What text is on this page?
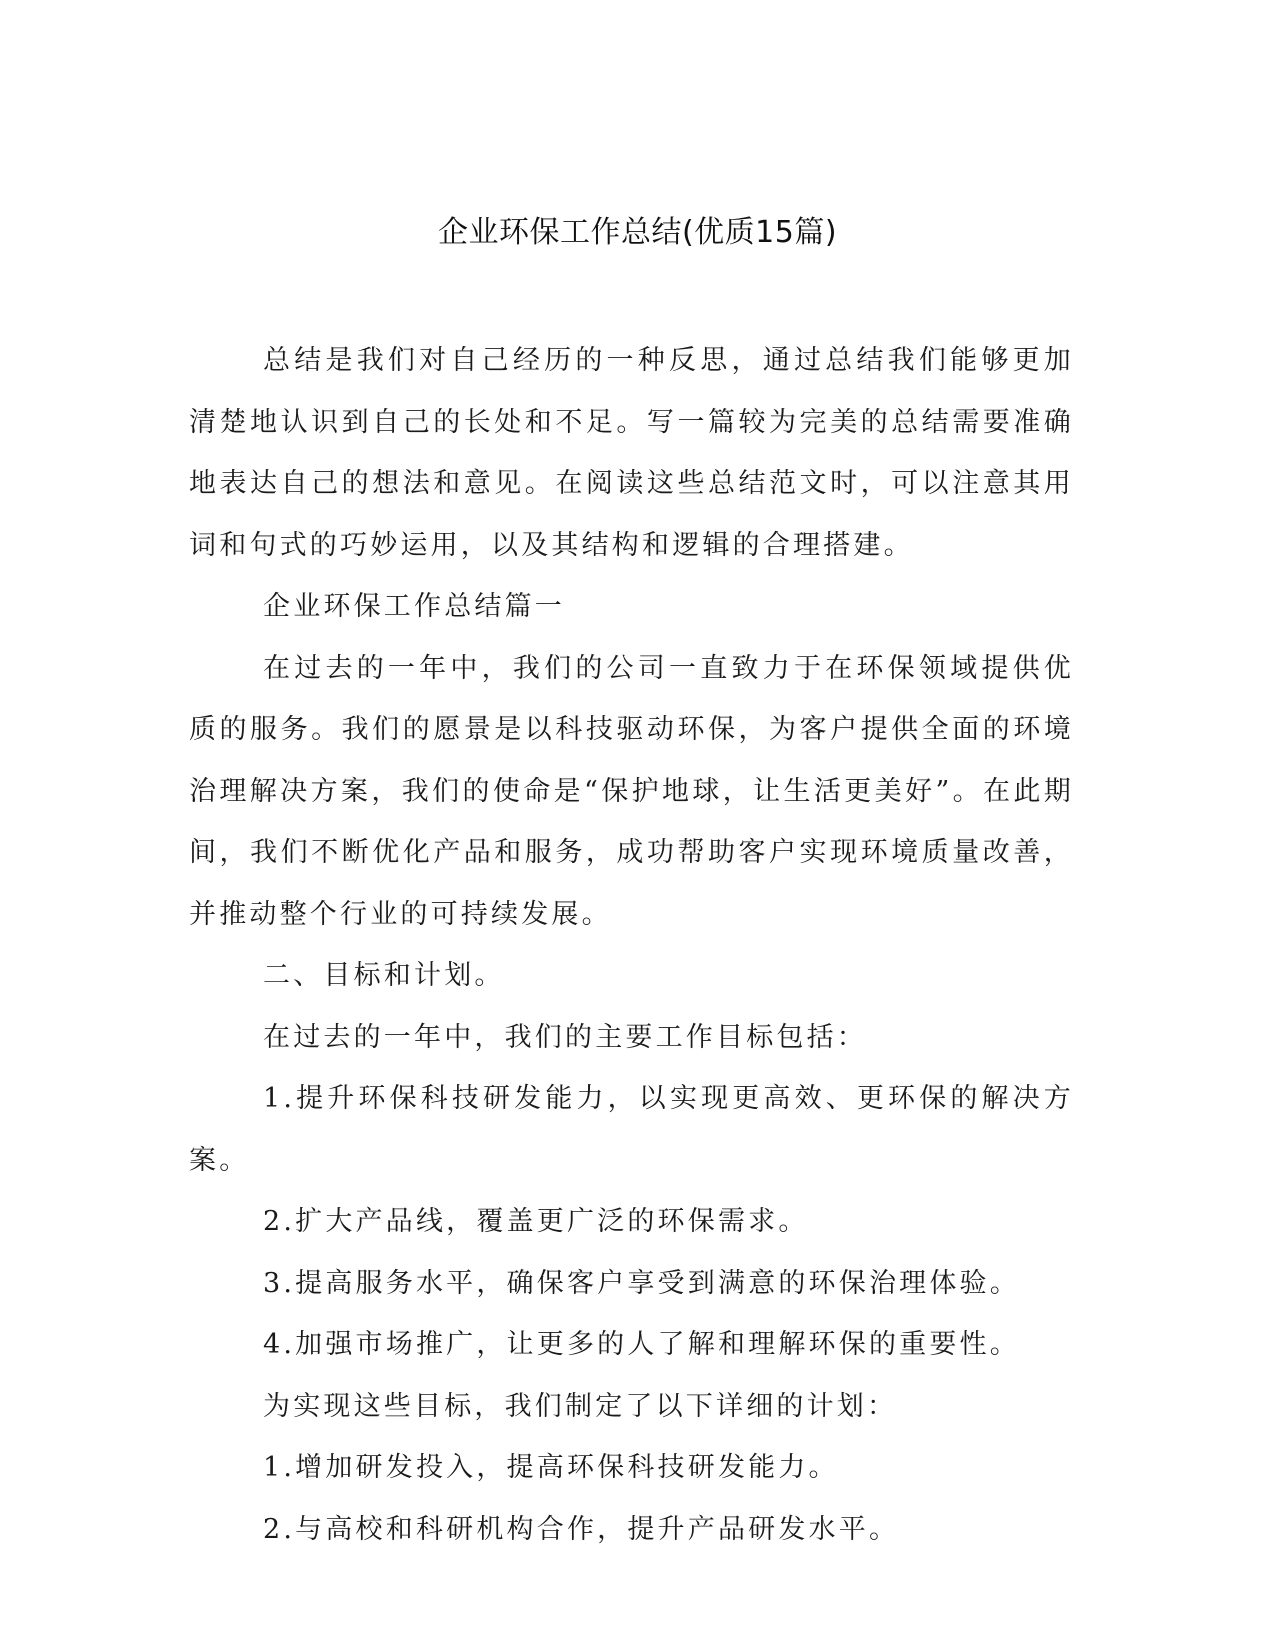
企业环保工作总结(优质15篇)

总结是我们对自己经历的一种反思，通过总结我们能够更加清楚地认识到自己的长处和不足。写一篇较为完美的总结需要准确地表达自己的想法和意见。在阅读这些总结范文时，可以注意其用词和句式的巧妙运用，以及其结构和逻辑的合理搭建。

企业环保工作总结篇一

在过去的一年中，我们的公司一直致力于在环保领域提供优质的服务。我们的愿景是以科技驱动环保，为客户提供全面的环境治理解决方案，我们的使命是“保护地球，让生活更美好”。在此期间，我们不断优化产品和服务，成功帮助客户实现环境质量改善，并推动整个行业的可持续发展。

二、目标和计划。

在过去的一年中，我们的主要工作目标包括：

1.提升环保科技研发能力，以实现更高效、更环保的解决方案。

2.扩大产品线，覆盖更广泛的环保需求。

3.提高服务水平，确保客户享受到满意的环保治理体验。

4.加强市场推广，让更多的人了解和理解环保的重要性。

为实现这些目标，我们制定了以下详细的计划：

1.增加研发投入，提高环保科技研发能力。

2.与高校和科研机构合作，提升产品研发水平。
